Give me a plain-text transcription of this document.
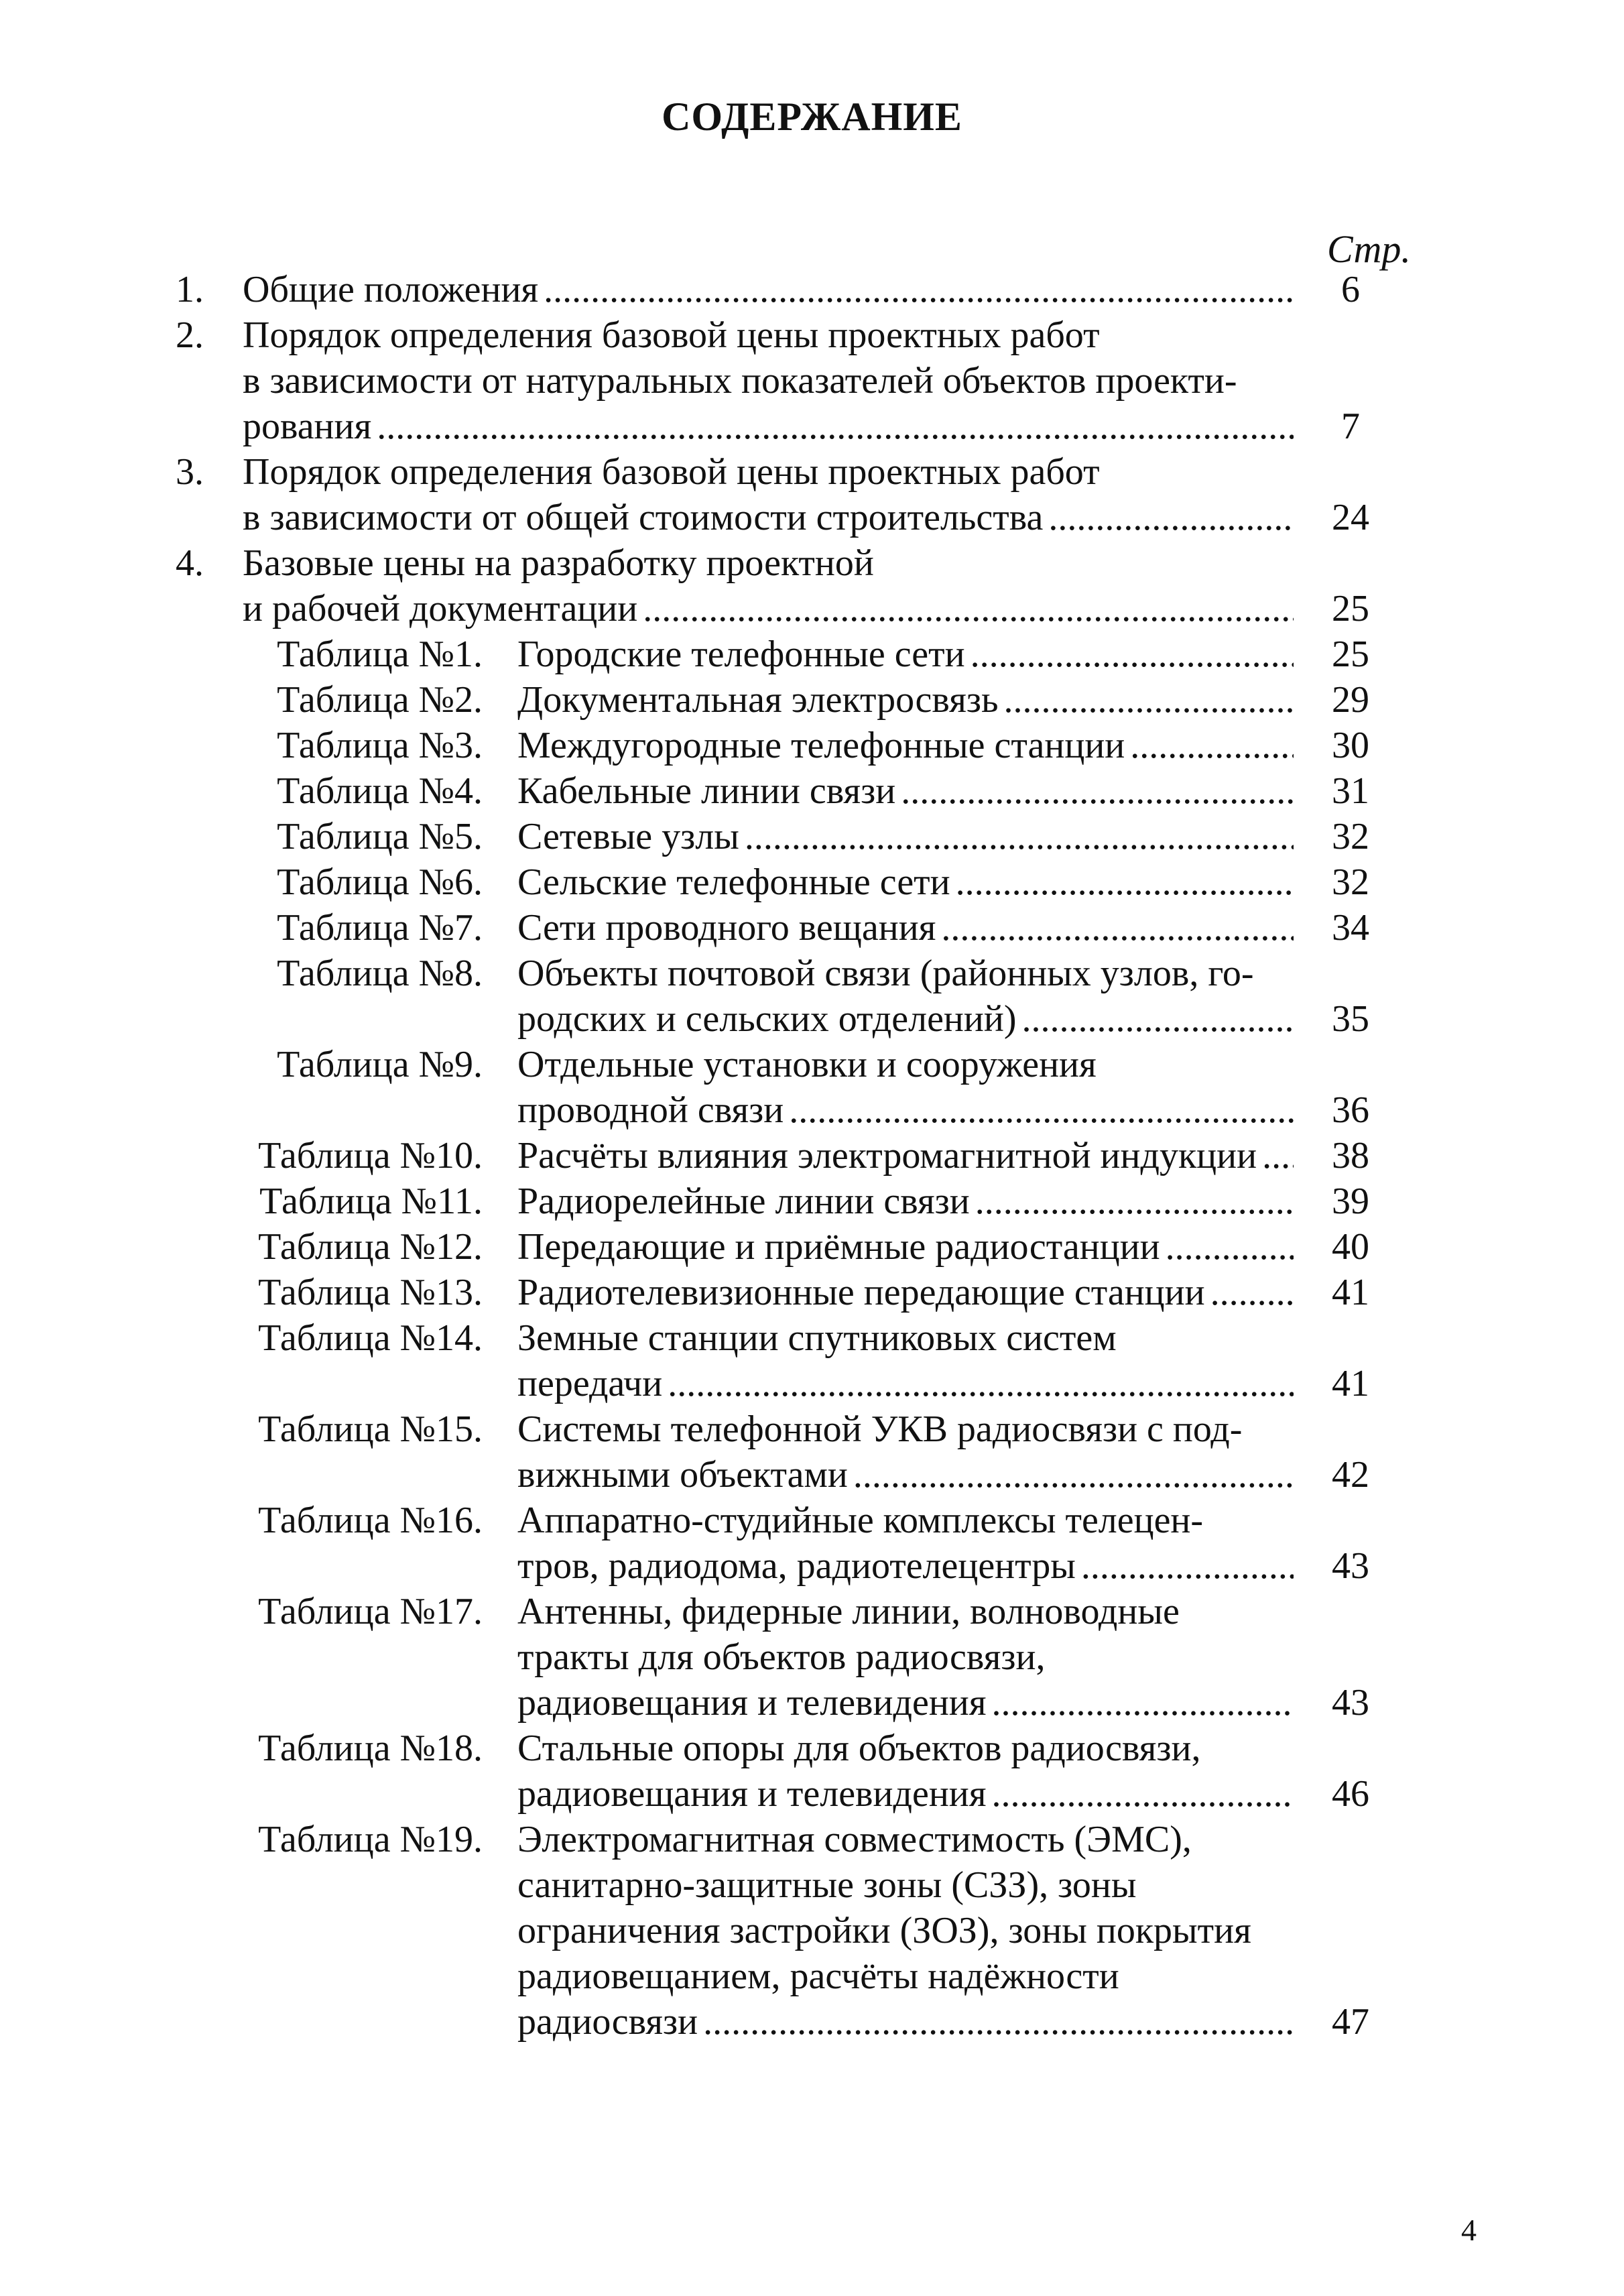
СОДЕРЖАНИЕ
Стр.
1.	Общие положения .....	6
2.	Порядок определения базовой цены проектных работ
в зависимости от натуральных показателей объектов проекти-
рования .....	7
3.	Порядок определения базовой цены проектных работ
в зависимости от общей стоимости строительства .....	24
4.	Базовые цены на разработку проектной
и рабочей документации .....	25
Таблица №1. Городские телефонные сети .....	25
Таблица №2. Документальная электросвязь .....	29
Таблица №3. Междугородные телефонные станции .....	30
Таблица №4. Кабельные линии связи .....	31
Таблица №5. Сетевые узлы .....	32
Таблица №6. Сельские телефонные сети .....	32
Таблица №7. Сети проводного вещания .....	34
Таблица №8. Объекты почтовой связи (районных узлов, го-
родских и сельских отделений) .....	35
Таблица №9. Отдельные установки и сооружения
проводной связи .....	36
Таблица №10. Расчёты влияния электромагнитной индукции .....	38
Таблица №11. Радиорелейные линии связи .....	39
Таблица №12. Передающие и приёмные радиостанции .....	40
Таблица №13. Радиотелевизионные передающие станции .....	41
Таблица №14. Земные станции спутниковых систем
передачи .....	41
Таблица №15. Системы телефонной УКВ радиосвязи с под-
вижными объектами .....	42
Таблица №16. Аппаратно-студийные комплексы телецен-
тров, радиодома, радиотелецентры .....	43
Таблица №17. Антенны, фидерные линии, волноводные
тракты для объектов радиосвязи,
радиовещания и телевидения .....	43
Таблица №18. Стальные опоры для объектов радиосвязи,
радиовещания и телевидения .....	46
Таблица №19. Электромагнитная совместимость (ЭМС),
санитарно-защитные зоны (СЗЗ), зоны
ограничения застройки (ЗОЗ), зоны покрытия
радиовещанием, расчёты надёжности
радиосвязи .....	47
4
